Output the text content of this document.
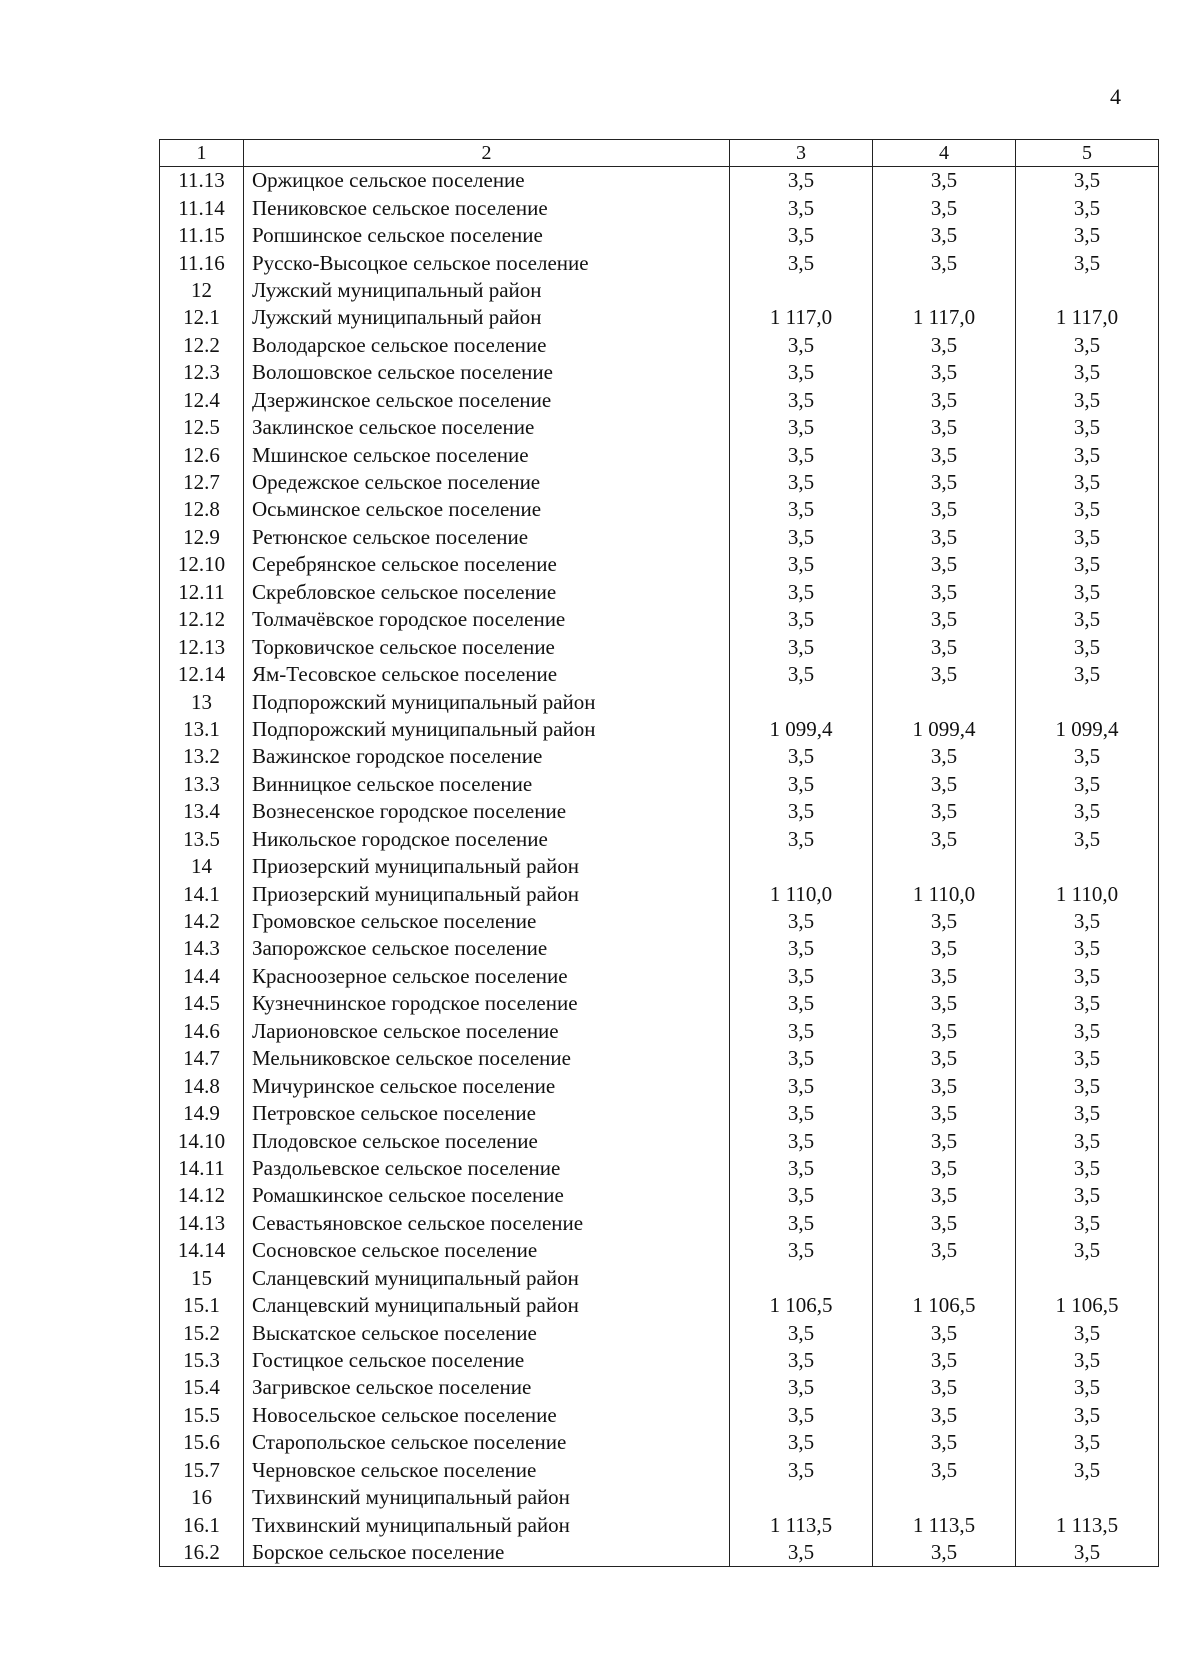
4
1	2	3	4	5
11.13	Оржицкое сельское поселение	3,5	3,5	3,5
11.14	Пениковское сельское поселение	3,5	3,5	3,5
11.15	Ропшинское сельское поселение	3,5	3,5	3,5
11.16	Русско-Высоцкое сельское поселение	3,5	3,5	3,5
12	Лужский муниципальный район			
12.1	Лужский муниципальный район	1 117,0	1 117,0	1 117,0
12.2	Володарское сельское поселение	3,5	3,5	3,5
12.3	Волошовское сельское поселение	3,5	3,5	3,5
12.4	Дзержинское сельское поселение	3,5	3,5	3,5
12.5	Заклинское сельское поселение	3,5	3,5	3,5
12.6	Мшинское сельское поселение	3,5	3,5	3,5
12.7	Оредежское сельское поселение	3,5	3,5	3,5
12.8	Осьминское сельское поселение	3,5	3,5	3,5
12.9	Ретюнское сельское поселение	3,5	3,5	3,5
12.10	Серебрянское сельское поселение	3,5	3,5	3,5
12.11	Скребловское сельское поселение	3,5	3,5	3,5
12.12	Толмачёвское городское поселение	3,5	3,5	3,5
12.13	Торковичское сельское поселение	3,5	3,5	3,5
12.14	Ям-Тесовское сельское поселение	3,5	3,5	3,5
13	Подпорожский муниципальный район			
13.1	Подпорожский муниципальный район	1 099,4	1 099,4	1 099,4
13.2	Важинское городское поселение	3,5	3,5	3,5
13.3	Винницкое сельское поселение	3,5	3,5	3,5
13.4	Вознесенское городское поселение	3,5	3,5	3,5
13.5	Никольское городское поселение	3,5	3,5	3,5
14	Приозерский муниципальный район			
14.1	Приозерский муниципальный район	1 110,0	1 110,0	1 110,0
14.2	Громовское сельское поселение	3,5	3,5	3,5
14.3	Запорожское сельское поселение	3,5	3,5	3,5
14.4	Красноозерное сельское поселение	3,5	3,5	3,5
14.5	Кузнечнинское городское поселение	3,5	3,5	3,5
14.6	Ларионовское сельское поселение	3,5	3,5	3,5
14.7	Мельниковское сельское поселение	3,5	3,5	3,5
14.8	Мичуринское сельское поселение	3,5	3,5	3,5
14.9	Петровское сельское поселение	3,5	3,5	3,5
14.10	Плодовское сельское поселение	3,5	3,5	3,5
14.11	Раздольевское сельское поселение	3,5	3,5	3,5
14.12	Ромашкинское сельское поселение	3,5	3,5	3,5
14.13	Севастьяновское сельское поселение	3,5	3,5	3,5
14.14	Сосновское сельское поселение	3,5	3,5	3,5
15	Сланцевский муниципальный район			
15.1	Сланцевский муниципальный район	1 106,5	1 106,5	1 106,5
15.2	Выскатское сельское поселение	3,5	3,5	3,5
15.3	Гостицкое сельское поселение	3,5	3,5	3,5
15.4	Загривское сельское поселение	3,5	3,5	3,5
15.5	Новосельское сельское поселение	3,5	3,5	3,5
15.6	Старопольское сельское поселение	3,5	3,5	3,5
15.7	Черновское сельское поселение	3,5	3,5	3,5
16	Тихвинский муниципальный район			
16.1	Тихвинский муниципальный район	1 113,5	1 113,5	1 113,5
16.2	Борское сельское поселение	3,5	3,5	3,5
